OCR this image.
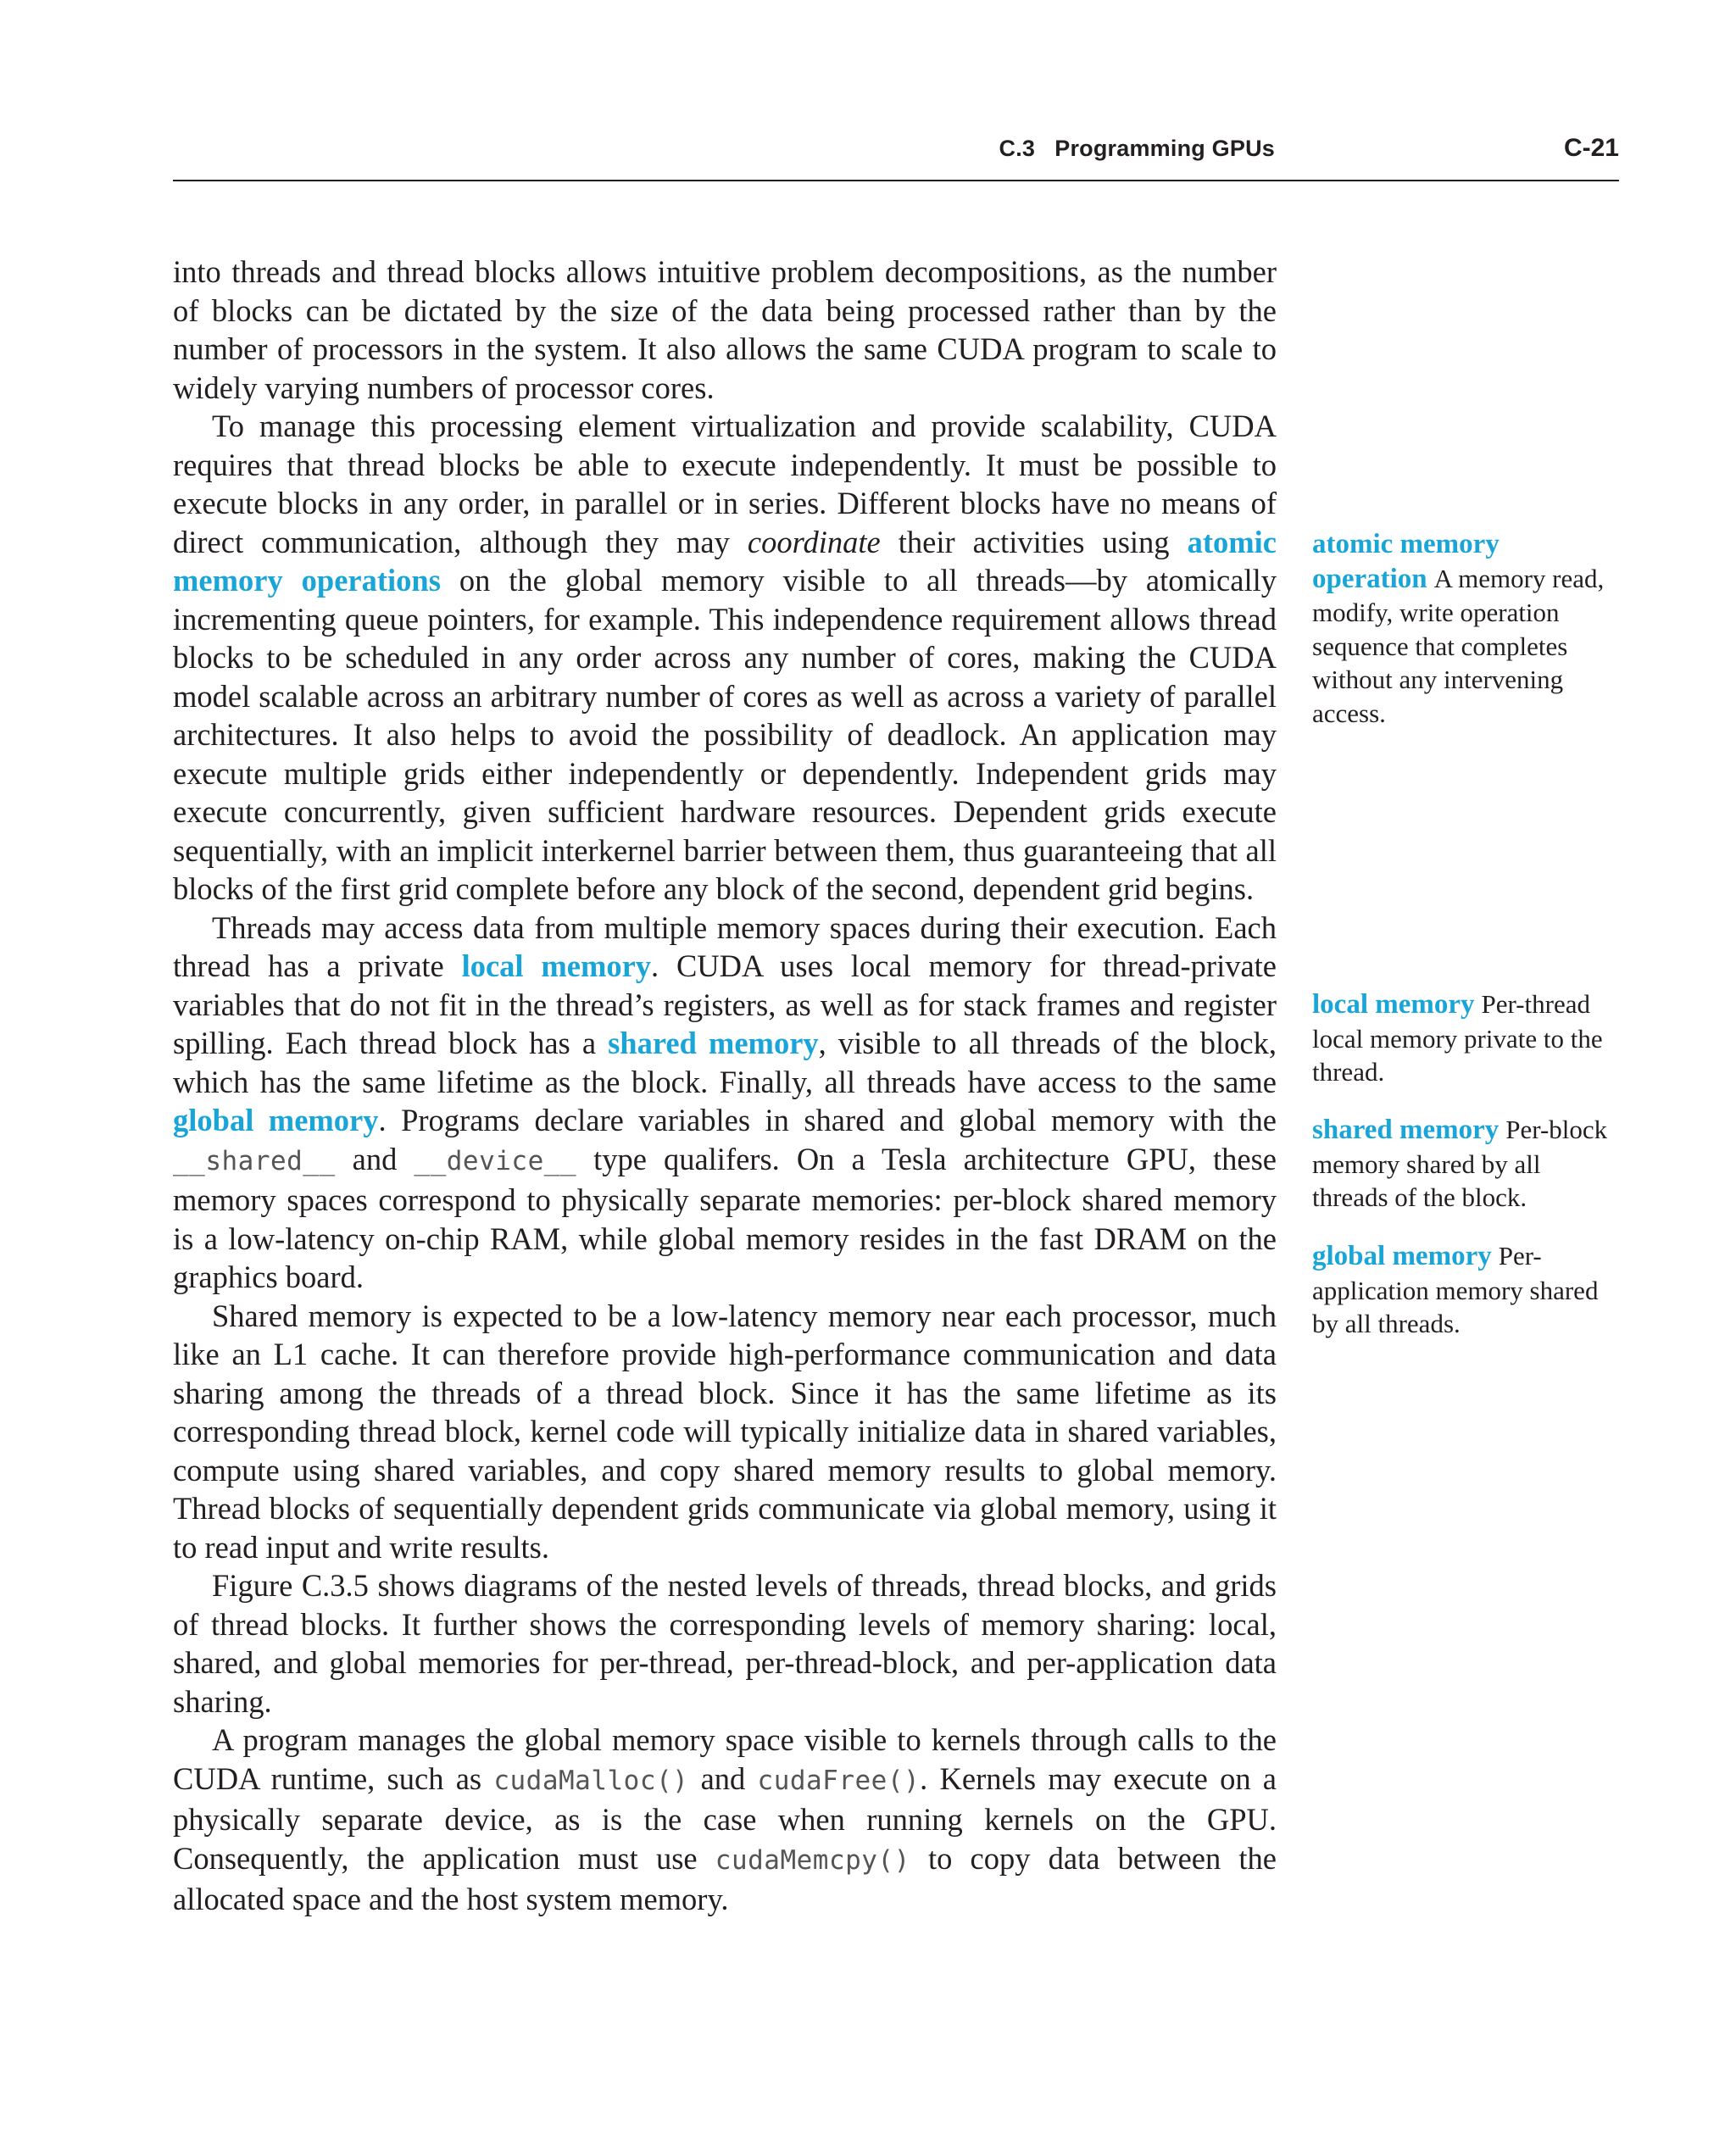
C.3   Programming GPUs	C-21

into threads and thread blocks allows intuitive problem decompositions, as the number of blocks can be dictated by the size of the data being processed rather than by the number of processors in the system. It also allows the same CUDA program to scale to widely varying numbers of processor cores.

To manage this processing element virtualization and provide scalability, CUDA requires that thread blocks be able to execute independently. It must be possible to execute blocks in any order, in parallel or in series. Different blocks have no means of direct communication, although they may coordinate their activities using atomic memory operations on the global memory visible to all threads—by atomically incrementing queue pointers, for example. This independence requirement allows thread blocks to be scheduled in any order across any number of cores, making the CUDA model scalable across an arbitrary number of cores as well as across a variety of parallel architectures. It also helps to avoid the possibility of deadlock. An application may execute multiple grids either independently or dependently. Independent grids may execute concurrently, given sufficient hardware resources. Dependent grids execute sequentially, with an implicit interkernel barrier between them, thus guaranteeing that all blocks of the first grid complete before any block of the second, dependent grid begins.

Threads may access data from multiple memory spaces during their execution. Each thread has a private local memory. CUDA uses local memory for thread-private variables that do not fit in the thread’s registers, as well as for stack frames and register spilling. Each thread block has a shared memory, visible to all threads of the block, which has the same lifetime as the block. Finally, all threads have access to the same global memory. Programs declare variables in shared and global memory with the __shared__ and __device__ type qualifers. On a Tesla architecture GPU, these memory spaces correspond to physically separate memories: per-block shared memory is a low-latency on-chip RAM, while global memory resides in the fast DRAM on the graphics board.

Shared memory is expected to be a low-latency memory near each processor, much like an L1 cache. It can therefore provide high-performance communication and data sharing among the threads of a thread block. Since it has the same lifetime as its corresponding thread block, kernel code will typically initialize data in shared variables, compute using shared variables, and copy shared memory results to global memory. Thread blocks of sequentially dependent grids communicate via global memory, using it to read input and write results.

Figure C.3.5 shows diagrams of the nested levels of threads, thread blocks, and grids of thread blocks. It further shows the corresponding levels of memory sharing: local, shared, and global memories for per-thread, per-thread-block, and per-application data sharing.

A program manages the global memory space visible to kernels through calls to the CUDA runtime, such as cudaMalloc() and cudaFree(). Kernels may execute on a physically separate device, as is the case when running kernels on the GPU. Consequently, the application must use cudaMemcpy() to copy data between the allocated space and the host system memory.

atomic memory operation A memory read, modify, write operation sequence that completes without any intervening access.
local memory Per-thread local memory private to the thread.
shared memory Per-block memory shared by all threads of the block.
global memory Per-application memory shared by all threads.
